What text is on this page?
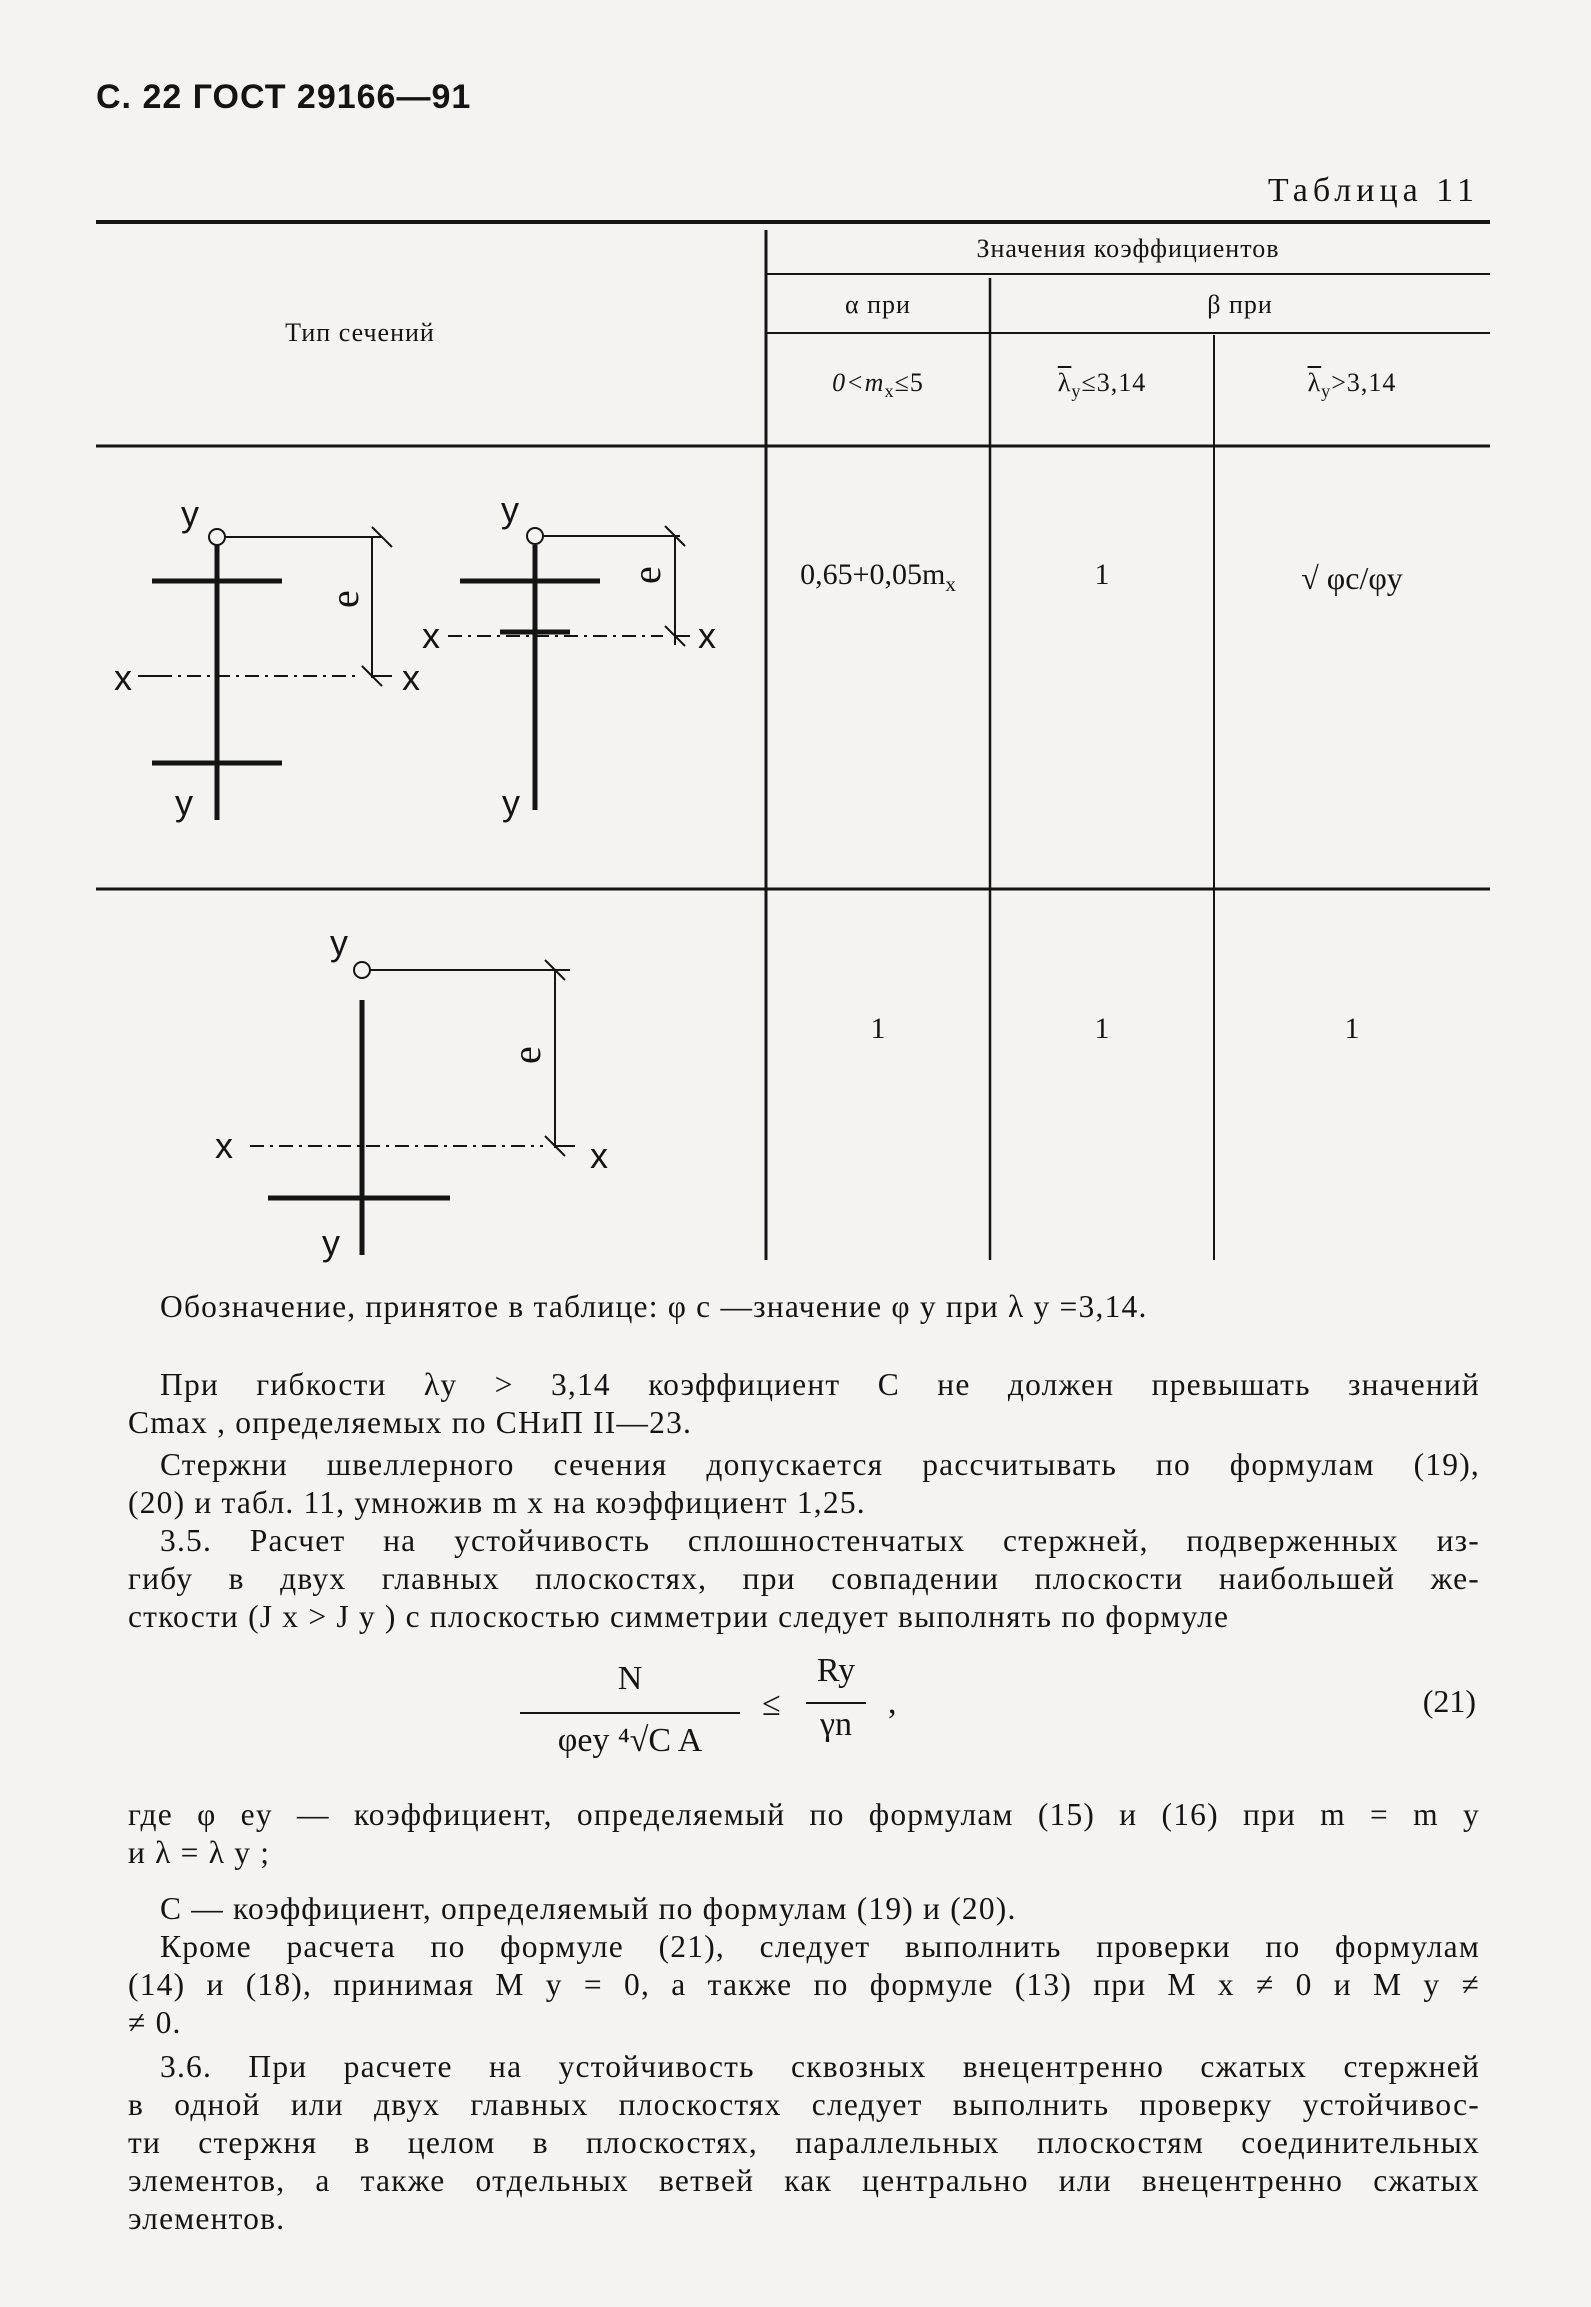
С. 22 ГОСТ 29166—91
Таблица 11
y
y
x	x
e
y
y
x	x
e
y
y
x	x
e
Тип сечений
Значения коэффициентов
α при	β при
$0<m_x\le 5$	$\overline{\lambda}_y\le 3,14$	$\overline{\lambda}_y>3,14$
$0,65+0,05m_x$	1	√ φc/φy
1	1	1
Обозначение, принятое в таблице: φ c —значение φ y при λ y =3,14.
При гибкости λy > 3,14 коэффициент C не должен превышать значений
Cmax , определяемых по СНиП II—23.
Стержни швеллерного сечения допускается рассчитывать по формулам (19),
(20) и табл. 11, умножив m x на коэффициент 1,25.
3.5. Расчет на устойчивость сплошностенчатых стержней, подверженных из-
гибу в двух главных плоскостях, при совпадении плоскости наибольшей же-
сткости (J x > J y ) с плоскостью симметрии следует выполнять по формуле
N
φey ⁴√C A
≤
Ry
γn
,	(21)
где φ ey — коэффициент, определяемый по формулам (15) и (16) при m = m y
и λ = λ y ;
C — коэффициент, определяемый по формулам (19) и (20).
Кроме расчета по формуле (21), следует выполнить проверки по формулам
(14) и (18), принимая M y = 0, а также по формуле (13) при M x ≠ 0 и M y ≠
≠ 0.
3.6. При расчете на устойчивость сквозных внецентренно сжатых стержней
в одной или двух главных плоскостях следует выполнить проверку устойчивос-
ти стержня в целом в плоскостях, параллельных плоскостям соединительных
элементов, а также отдельных ветвей как центрально или внецентренно сжатых
элементов.
